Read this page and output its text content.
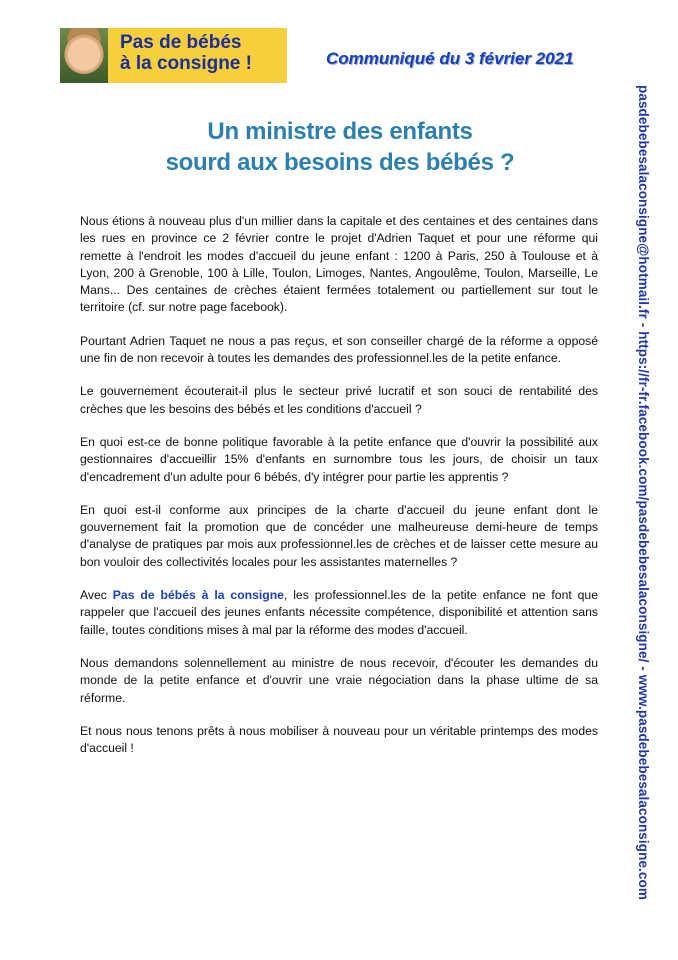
Pas de bébés
à la consigne !	Communiqué du 3 février 2021
Un ministre des enfants
sourd aux besoins des bébés ?

Nous étions à nouveau plus d'un millier dans la capitale et des centaines et des centaines dans les rues en province ce 2 février contre le projet d'Adrien Taquet et pour une réforme qui remette à l'endroit les modes d'accueil du jeune enfant : 1200 à Paris, 250 à Toulouse et à Lyon, 200 à Grenoble, 100 à Lille, Toulon, Limoges, Nantes, Angoulême, Toulon, Marseille, Le Mans... Des centaines de crèches étaient fermées totalement ou partiellement sur tout le territoire (cf. sur notre page facebook).

Pourtant Adrien Taquet ne nous a pas reçus, et son conseiller chargé de la réforme a opposé une fin de non recevoir à toutes les demandes des professionnel.les de la petite enfance.

Le gouvernement écouterait-il plus le secteur privé lucratif et son souci de rentabilité des crèches que les besoins des bébés et les conditions d'accueil ?

En quoi est-ce de bonne politique favorable à la petite enfance que d'ouvrir la possibilité aux gestionnaires d'accueillir 15% d'enfants en surnombre tous les jours, de choisir un taux d'encadrement d'un adulte pour 6 bébés, d'y intégrer pour partie les apprentis ?

En quoi est-il conforme aux principes de la charte d'accueil du jeune enfant dont le gouvernement fait la promotion que de concéder une malheureuse demi-heure de temps d'analyse de pratiques par mois aux professionnel.les de crèches et de laisser cette mesure au bon vouloir des collectivités locales pour les assistantes maternelles ?

Avec Pas de bébés à la consigne, les professionnel.les de la petite enfance ne font que rappeler que l'accueil des jeunes enfants nécessite compétence, disponibilité et attention sans faille, toutes conditions mises à mal par la réforme des modes d'accueil.

Nous demandons solennellement au ministre de nous recevoir, d'écouter les demandes du monde de la petite enfance et d'ouvrir une vraie négociation dans la phase ultime de sa réforme.

Et nous nous tenons prêts à nous mobiliser à nouveau pour un véritable printemps des modes d'accueil !	pasdebebesalaconsigne@hotmail.fr - https://fr-fr.facebook.com/pasdebebesalaconsigne/ - www.pasdebebesalaconsigne.com
